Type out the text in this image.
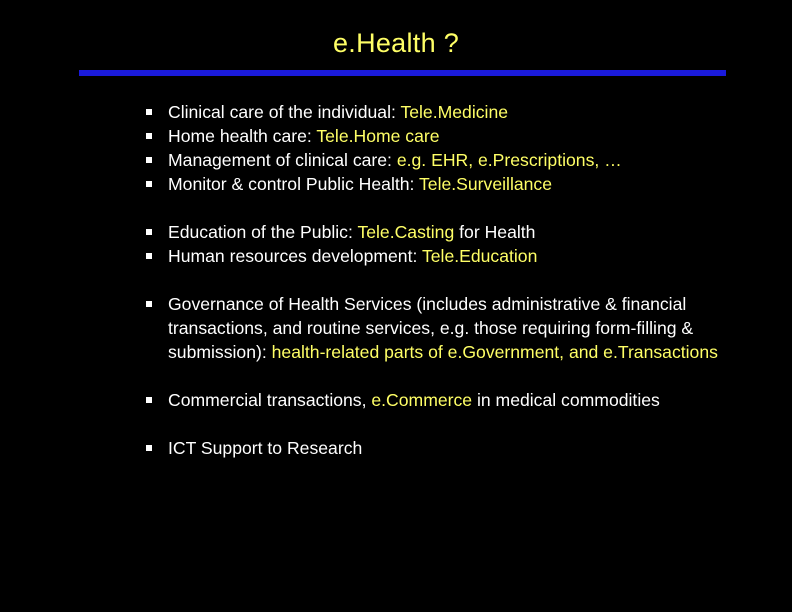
e.Health ?
Clinical care of the individual: Tele.Medicine
Home health care: Tele.Home care
Management of clinical care: e.g. EHR, e.Prescriptions, …
Monitor & control Public Health: Tele.Surveillance
Education of the Public: Tele.Casting for Health
Human resources development: Tele.Education
Governance of Health Services (includes administrative & financial transactions, and routine services, e.g. those requiring form-filling & submission): health-related parts of e.Government, and e.Transactions
Commercial transactions, e.Commerce in medical commodities
ICT Support to Research
